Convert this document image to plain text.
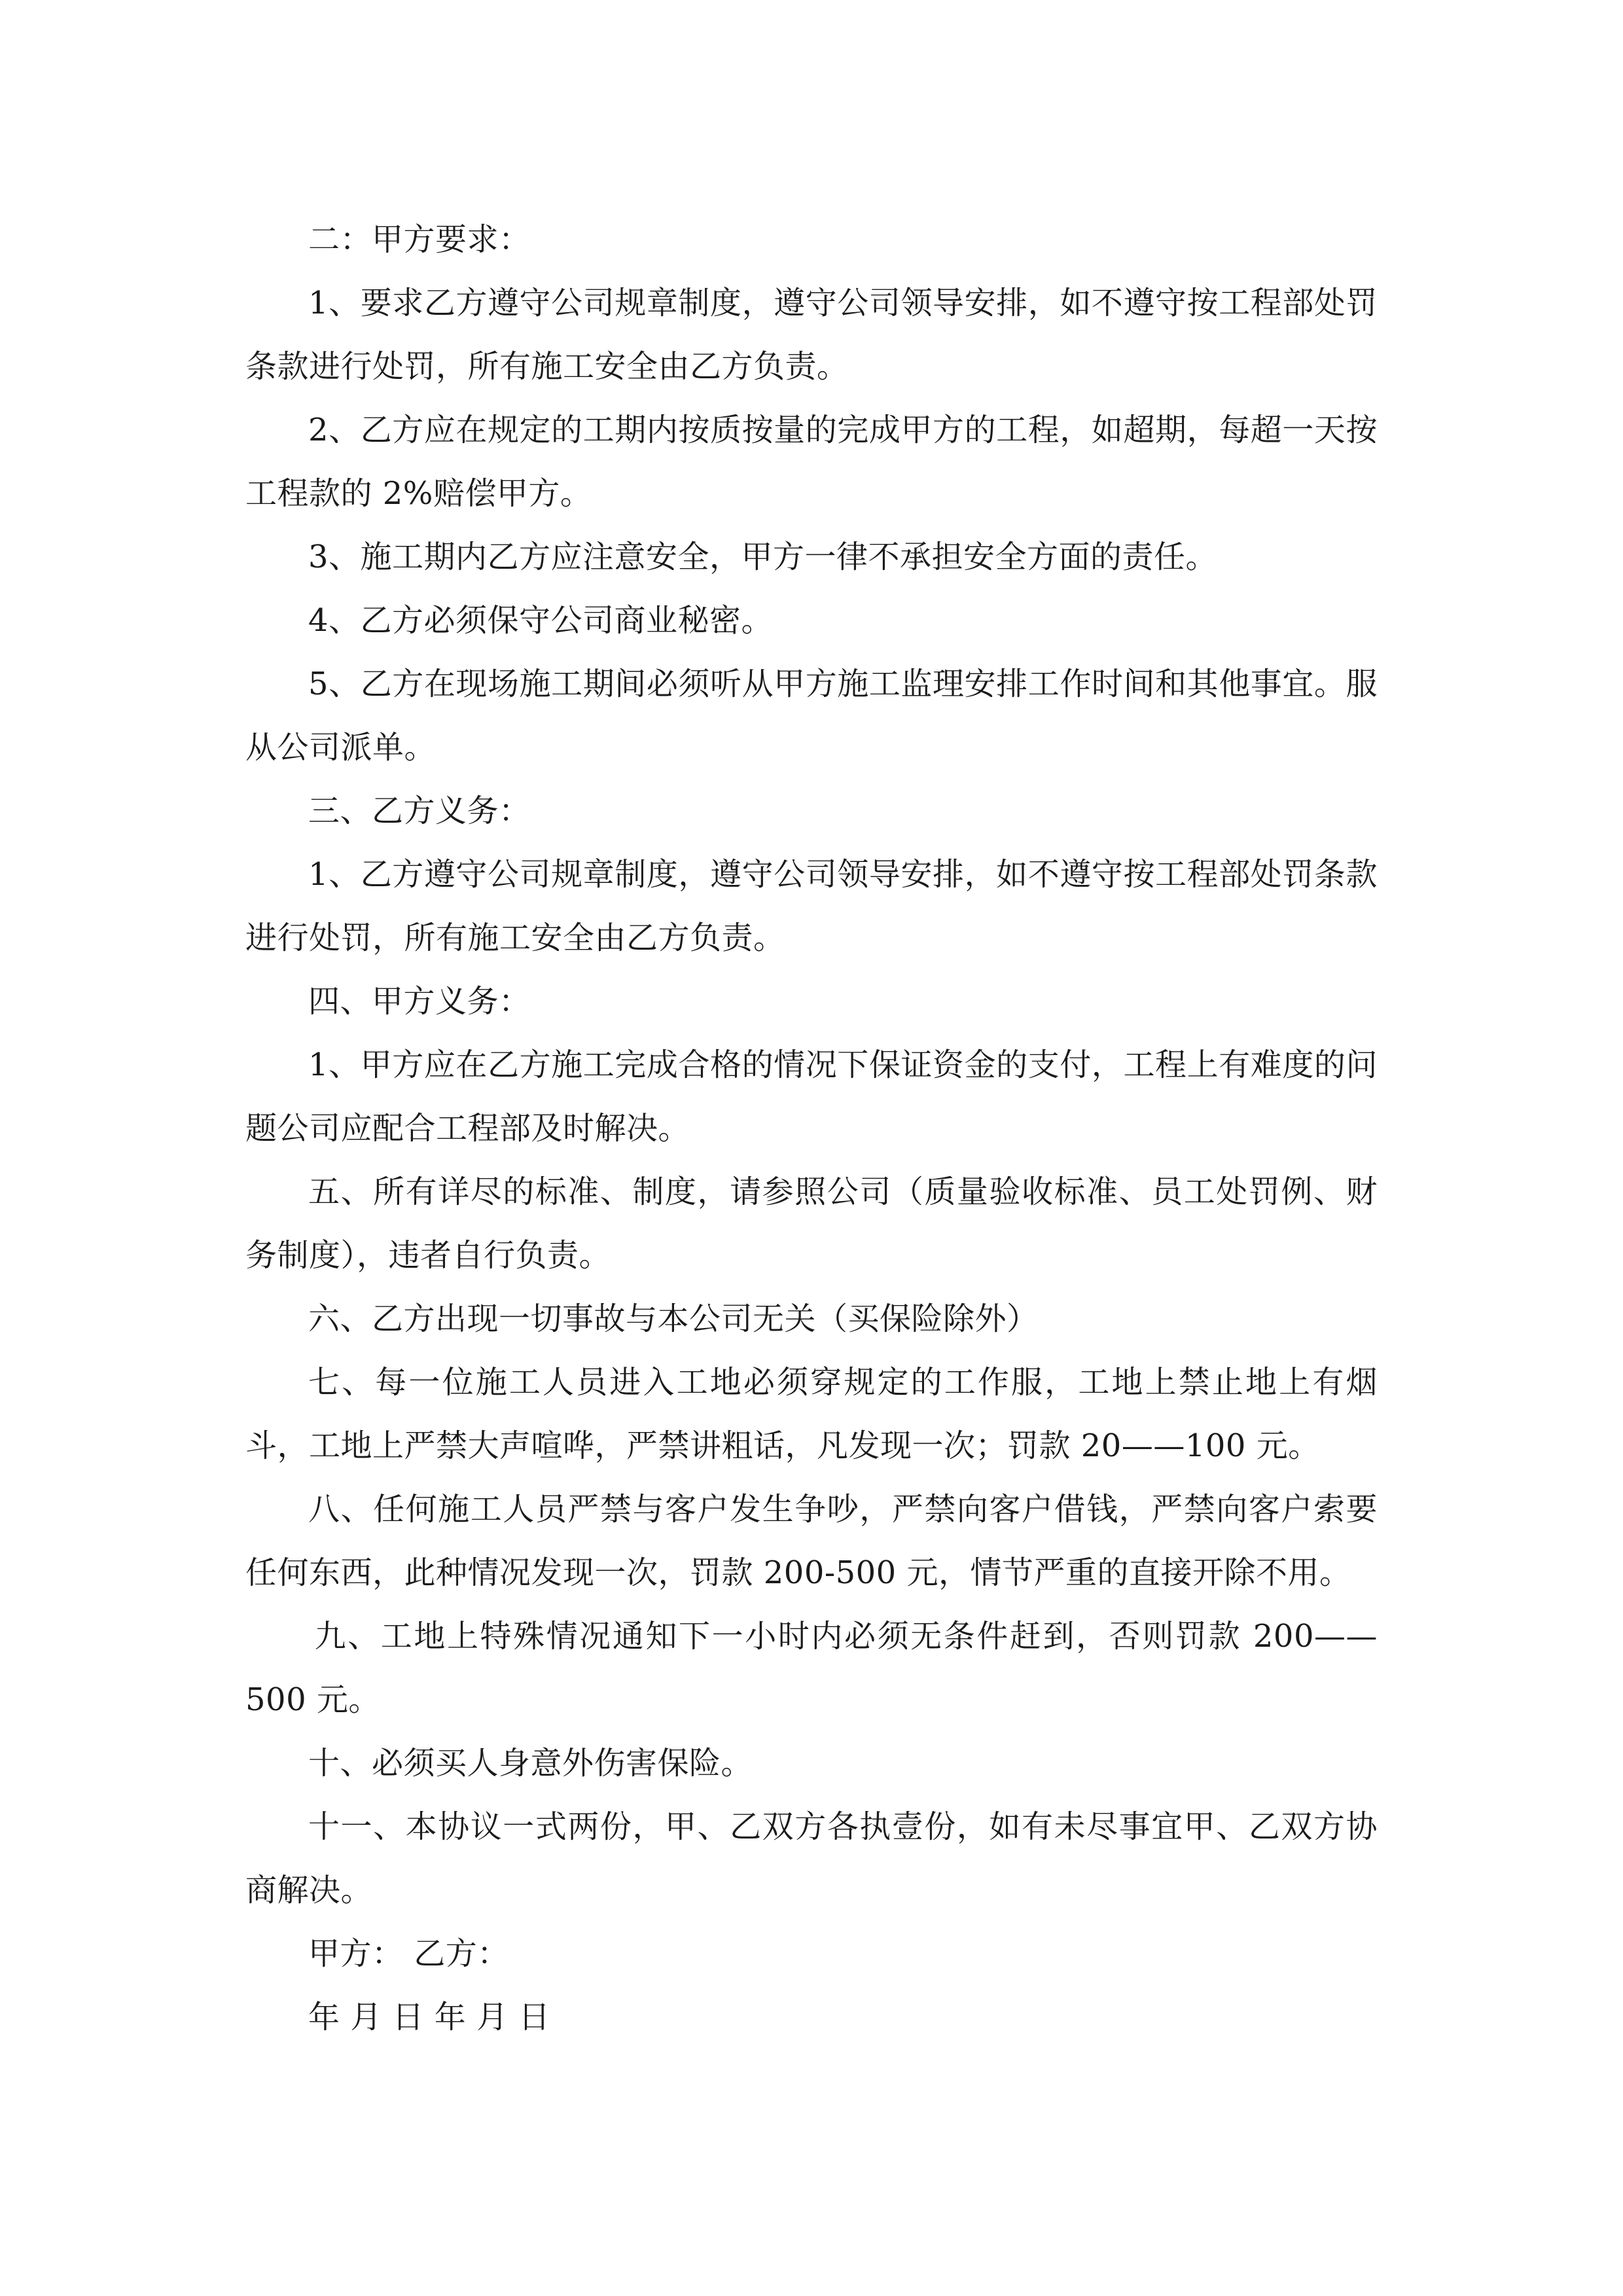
二：甲方要求：

1、要求乙方遵守公司规章制度，遵守公司领导安排，如不遵守按工程部处罚条款进行处罚，所有施工安全由乙方负责。

2、乙方应在规定的工期内按质按量的完成甲方的工程，如超期，每超一天按工程款的 2%赔偿甲方。

3、施工期内乙方应注意安全，甲方一律不承担安全方面的责任。

4、乙方必须保守公司商业秘密。

5、乙方在现场施工期间必须听从甲方施工监理安排工作时间和其他事宜。服从公司派单。

三、乙方义务：

1、乙方遵守公司规章制度，遵守公司领导安排，如不遵守按工程部处罚条款进行处罚，所有施工安全由乙方负责。

四、甲方义务：

1、甲方应在乙方施工完成合格的情况下保证资金的支付，工程上有难度的问题公司应配合工程部及时解决。

五、所有详尽的标准、制度，请参照公司（质量验收标准、员工处罚例、财务制度），违者自行负责。

六、乙方出现一切事故与本公司无关（买保险除外）

七、每一位施工人员进入工地必须穿规定的工作服，工地上禁止地上有烟斗，工地上严禁大声喧哗，严禁讲粗话，凡发现一次；罚款 20——100 元。

八、任何施工人员严禁与客户发生争吵，严禁向客户借钱，严禁向客户索要任何东西，此种情况发现一次，罚款 200-500 元，情节严重的直接开除不用。

九、工地上特殊情况通知下一小时内必须无条件赶到，否则罚款 200——500 元。

十、必须买人身意外伤害保险。

十一、本协议一式两份，甲、乙双方各执壹份，如有未尽事宜甲、乙双方协商解决。

甲方： 乙方：

年 月 日 年 月 日
